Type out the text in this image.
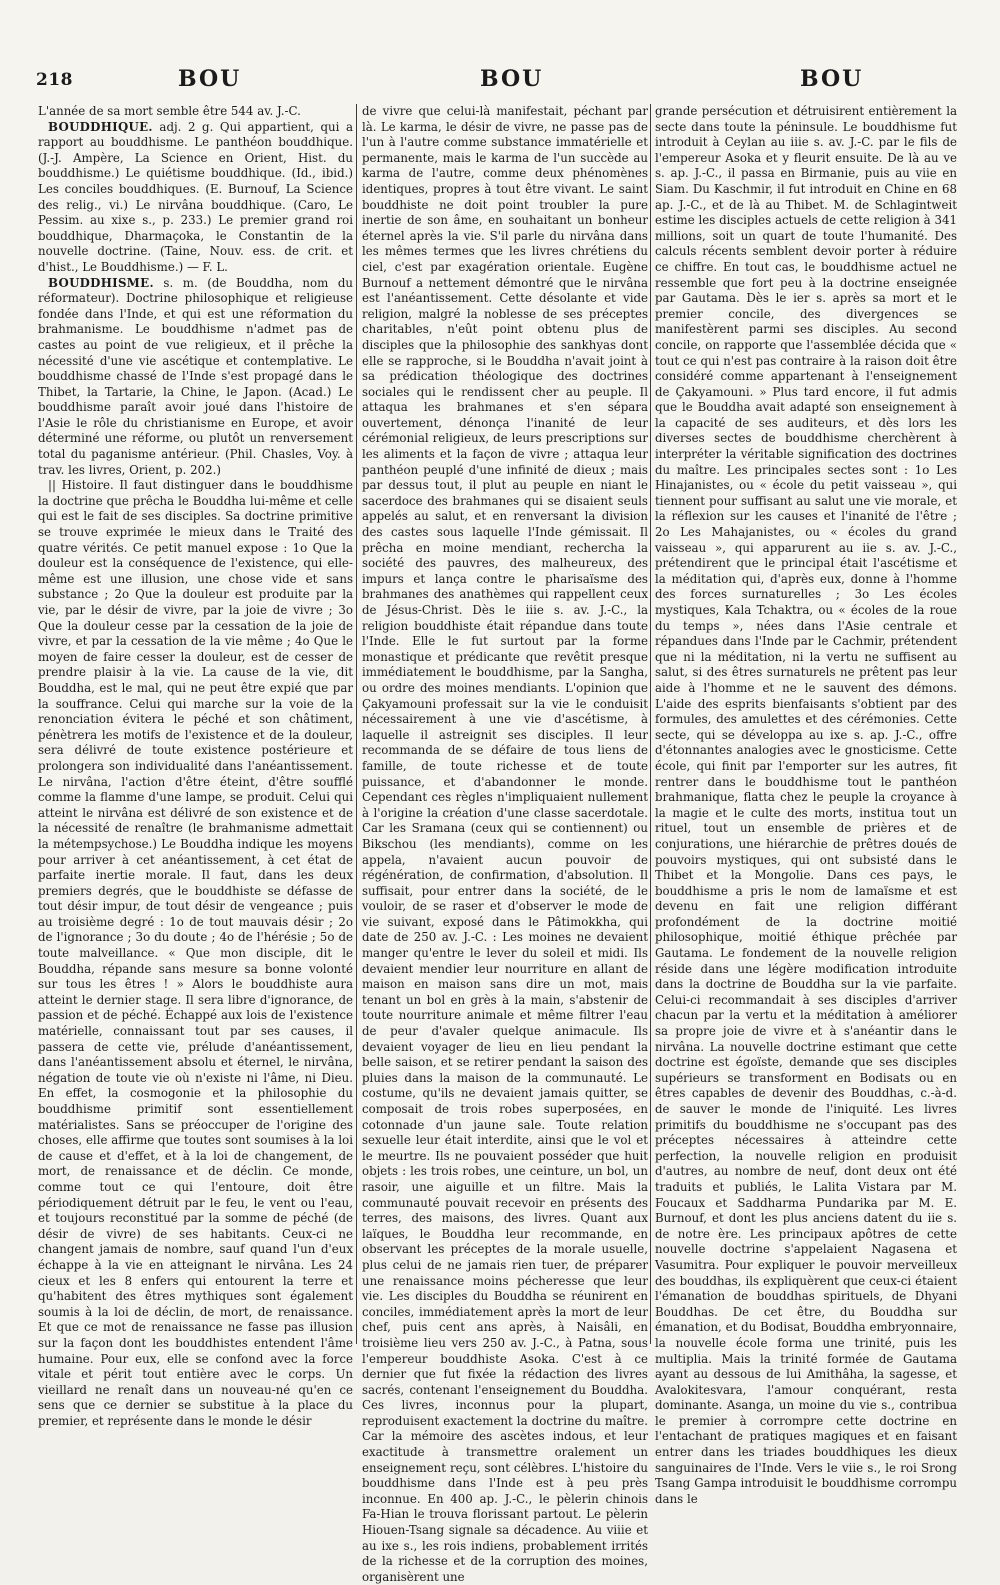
218	BOU	BOU	BOU

L'année de sa mort semble être 544 av. J.-C.

BOUDDHIQUE. adj. 2 g. Qui appartient, qui a rapport au bouddhisme. Le panthéon bouddhique. (J.-J. Ampère, La Science en Orient, Hist. du bouddhisme.) Le quiétisme bouddhique. (Id., ibid.) Les conciles bouddhiques. (E. Burnouf, La Science des relig., vi.) Le nirvâna bouddhique. (Caro, Le Pessim. au xixe s., p. 233.) Le premier grand roi bouddhique, Dharmaçoka, le Constantin de la nouvelle doctrine. (Taine, Nouv. ess. de crit. et d'hist., Le Bouddhisme.) — F. L.

BOUDDHISME. s. m. (de Bouddha, nom du réformateur). Doctrine philosophique et religieuse fondée dans l'Inde, et qui est une réformation du brahmanisme. Le bouddhisme n'admet pas de castes au point de vue religieux, et il prêche la nécessité d'une vie ascétique et contemplative. Le bouddhisme chassé de l'Inde s'est propagé dans le Thibet, la Tartarie, la Chine, le Japon. (Acad.) Le bouddhisme paraît avoir joué dans l'histoire de l'Asie le rôle du christianisme en Europe, et avoir déterminé une réforme, ou plutôt un renversement total du paganisme antérieur. (Phil. Chasles, Voy. à trav. les livres, Orient, p. 202.)

|| Histoire. Il faut distinguer dans le bouddhisme la doctrine que prêcha le Bouddha lui-même et celle qui est le fait de ses disciples. Sa doctrine primitive se trouve exprimée le mieux dans le Traité des quatre vérités. Ce petit manuel expose : 1o Que la douleur est la conséquence de l'existence, qui elle-même est une illusion, une chose vide et sans substance ; 2o Que la douleur est produite par la vie, par le désir de vivre, par la joie de vivre ; 3o Que la douleur cesse par la cessation de la joie de vivre, et par la cessation de la vie même ; 4o Que le moyen de faire cesser la douleur, est de cesser de prendre plaisir à la vie. La cause de la vie, dit Bouddha, est le mal, qui ne peut être expié que par la souffrance. Celui qui marche sur la voie de la renonciation évitera le péché et son châtiment, pénètrera les motifs de l'existence et de la douleur, sera délivré de toute existence postérieure et prolongera son individualité dans l'anéantissement. Le nirvâna, l'action d'être éteint, d'être soufflé comme la flamme d'une lampe, se produit. Celui qui atteint le nirvâna est délivré de son existence et de la nécessité de renaître (le brahmanisme admettait la métempsychose.) Le Bouddha indique les moyens pour arriver à cet anéantissement, à cet état de parfaite inertie morale. Il faut, dans les deux premiers degrés, que le bouddhiste se défasse de tout désir impur, de tout désir de vengeance ; puis au troisième degré : 1o de tout mauvais désir ; 2o de l'ignorance ; 3o du doute ; 4o de l'hérésie ; 5o de toute malveillance. « Que mon disciple, dit le Bouddha, répande sans mesure sa bonne volonté sur tous les êtres ! » Alors le bouddhiste aura atteint le dernier stage. Il sera libre d'ignorance, de passion et de péché. Échappé aux lois de l'existence matérielle, connaissant tout par ses causes, il passera de cette vie, prélude d'anéantissement, dans l'anéantissement absolu et éternel, le nirvâna, négation de toute vie où n'existe ni l'âme, ni Dieu. En effet, la cosmogonie et la philosophie du bouddhisme primitif sont essentiellement matérialistes. Sans se préoccuper de l'origine des choses, elle affirme que toutes sont soumises à la loi de cause et d'effet, et à la loi de changement, de mort, de renaissance et de déclin. Ce monde, comme tout ce qui l'entoure, doit être périodiquement détruit par le feu, le vent ou l'eau, et toujours reconstitué par la somme de péché (de désir de vivre) de ses habitants. Ceux-ci ne changent jamais de nombre, sauf quand l'un d'eux échappe à la vie en atteignant le nirvâna. Les 24 cieux et les 8 enfers qui entourent la terre et qu'habitent des êtres mythiques sont également soumis à la loi de déclin, de mort, de renaissance. Et que ce mot de renaissance ne fasse pas illusion sur la façon dont les bouddhistes entendent l'âme humaine. Pour eux, elle se confond avec la force vitale et périt tout entière avec le corps. Un vieillard ne renaît dans un nouveau-né qu'en ce sens que ce dernier se substitue à la place du premier, et représente dans le monde le désir

de vivre que celui-là manifestait, péchant par là. Le karma, le désir de vivre, ne passe pas de l'un à l'autre comme substance immatérielle et permanente, mais le karma de l'un succède au karma de l'autre, comme deux phénomènes identiques, propres à tout être vivant. Le saint bouddhiste ne doit point troubler la pure inertie de son âme, en souhaitant un bonheur éternel après la vie. S'il parle du nirvâna dans les mêmes termes que les livres chrétiens du ciel, c'est par exagération orientale. Eugène Burnouf a nettement démontré que le nirvâna est l'anéantissement. Cette désolante et vide religion, malgré la noblesse de ses préceptes charitables, n'eût point obtenu plus de disciples que la philosophie des sankhyas dont elle se rapproche, si le Bouddha n'avait joint à sa prédication théologique des doctrines sociales qui le rendissent cher au peuple. Il attaqua les brahmanes et s'en sépara ouvertement, dénonça l'inanité de leur cérémonial religieux, de leurs prescriptions sur les aliments et la façon de vivre ; attaqua leur panthéon peuplé d'une infinité de dieux ; mais par dessus tout, il plut au peuple en niant le sacerdoce des brahmanes qui se disaient seuls appelés au salut, et en renversant la division des castes sous laquelle l'Inde gémissait. Il prêcha en moine mendiant, rechercha la société des pauvres, des malheureux, des impurs et lança contre le pharisaïsme des brahmanes des anathèmes qui rappellent ceux de Jésus-Christ. Dès le iiie s. av. J.-C., la religion bouddhiste était répandue dans toute l'Inde. Elle le fut surtout par la forme monastique et prédicante que revêtit presque immédiatement le bouddhisme, par la Sangha, ou ordre des moines mendiants. L'opinion que Çakyamouni professait sur la vie le conduisit nécessairement à une vie d'ascétisme, à laquelle il astreignit ses disciples. Il leur recommanda de se défaire de tous liens de famille, de toute richesse et de toute puissance, et d'abandonner le monde. Cependant ces règles n'impliquaient nullement à l'origine la création d'une classe sacerdotale. Car les Sramana (ceux qui se contiennent) ou Bikschou (les mendiants), comme on les appela, n'avaient aucun pouvoir de régénération, de confirmation, d'absolution. Il suffisait, pour entrer dans la société, de le vouloir, de se raser et d'observer le mode de vie suivant, exposé dans le Pâtimokkha, qui date de 250 av. J.-C. : Les moines ne devaient manger qu'entre le lever du soleil et midi. Ils devaient mendier leur nourriture en allant de maison en maison sans dire un mot, mais tenant un bol en grès à la main, s'abstenir de toute nourriture animale et même filtrer l'eau de peur d'avaler quelque animacule. Ils devaient voyager de lieu en lieu pendant la belle saison, et se retirer pendant la saison des pluies dans la maison de la communauté. Le costume, qu'ils ne devaient jamais quitter, se composait de trois robes superposées, en cotonnade d'un jaune sale. Toute relation sexuelle leur était interdite, ainsi que le vol et le meurtre. Ils ne pouvaient posséder que huit objets : les trois robes, une ceinture, un bol, un rasoir, une aiguille et un filtre. Mais la communauté pouvait recevoir en présents des terres, des maisons, des livres. Quant aux laïques, le Bouddha leur recommande, en observant les préceptes de la morale usuelle, plus celui de ne jamais rien tuer, de préparer une renaissance moins pécheresse que leur vie. Les disciples du Bouddha se réunirent en conciles, immédiatement après la mort de leur chef, puis cent ans après, à Naisâli, en troisième lieu vers 250 av. J.-C., à Patna, sous l'empereur bouddhiste Asoka. C'est à ce dernier que fut fixée la rédaction des livres sacrés, contenant l'enseignement du Bouddha. Ces livres, inconnus pour la plupart, reproduisent exactement la doctrine du maître. Car la mémoire des ascètes indous, et leur exactitude à transmettre oralement un enseignement reçu, sont célèbres. L'histoire du bouddhisme dans l'Inde est à peu près inconnue. En 400 ap. J.-C., le pèlerin chinois Fa-Hian le trouva florissant partout. Le pèlerin Hiouen-Tsang signale sa décadence. Au viiie et au ixe s., les rois indiens, probablement irrités de la richesse et de la corruption des moines, organisèrent une

grande persécution et détruisirent entièrement la secte dans toute la péninsule. Le bouddhisme fut introduit à Ceylan au iiie s. av. J.-C. par le fils de l'empereur Asoka et y fleurit ensuite. De là au ve s. ap. J.-C., il passa en Birmanie, puis au viie en Siam. Du Kaschmir, il fut introduit en Chine en 68 ap. J.-C., et de là au Thibet. M. de Schlagintweit estime les disciples actuels de cette religion à 341 millions, soit un quart de toute l'humanité. Des calculs récents semblent devoir porter à réduire ce chiffre. En tout cas, le bouddhisme actuel ne ressemble que fort peu à la doctrine enseignée par Gautama. Dès le ier s. après sa mort et le premier concile, des divergences se manifestèrent parmi ses disciples. Au second concile, on rapporte que l'assemblée décida que « tout ce qui n'est pas contraire à la raison doit être considéré comme appartenant à l'enseignement de Çakyamouni. » Plus tard encore, il fut admis que le Bouddha avait adapté son enseignement à la capacité de ses auditeurs, et dès lors les diverses sectes de bouddhisme cherchèrent à interpréter la véritable signification des doctrines du maître. Les principales sectes sont : 1o Les Hinajanistes, ou « école du petit vaisseau », qui tiennent pour suffisant au salut une vie morale, et la réflexion sur les causes et l'inanité de l'être ; 2o Les Mahajanistes, ou « écoles du grand vaisseau », qui apparurent au iie s. av. J.-C., prétendirent que le principal était l'ascétisme et la méditation qui, d'après eux, donne à l'homme des forces surnaturelles ; 3o Les écoles mystiques, Kala Tchaktra, ou « écoles de la roue du temps », nées dans l'Asie centrale et répandues dans l'Inde par le Cachmir, prétendent que ni la méditation, ni la vertu ne suffisent au salut, si des êtres surnaturels ne prêtent pas leur aide à l'homme et ne le sauvent des démons. L'aide des esprits bienfaisants s'obtient par des formules, des amulettes et des cérémonies. Cette secte, qui se développa au ixe s. ap. J.-C., offre d'étonnantes analogies avec le gnosticisme. Cette école, qui finit par l'emporter sur les autres, fit rentrer dans le bouddhisme tout le panthéon brahmanique, flatta chez le peuple la croyance à la magie et le culte des morts, institua tout un rituel, tout un ensemble de prières et de conjurations, une hiérarchie de prêtres doués de pouvoirs mystiques, qui ont subsisté dans le Thibet et la Mongolie. Dans ces pays, le bouddhisme a pris le nom de lamaïsme et est devenu en fait une religion différant profondément de la doctrine moitié philosophique, moitié éthique prêchée par Gautama. Le fondement de la nouvelle religion réside dans une légère modification introduite dans la doctrine de Bouddha sur la vie parfaite. Celui-ci recommandait à ses disciples d'arriver chacun par la vertu et la méditation à améliorer sa propre joie de vivre et à s'anéantir dans le nirvâna. La nouvelle doctrine estimant que cette doctrine est égoïste, demande que ses disciples supérieurs se transforment en Bodisats ou en êtres capables de devenir des Bouddhas, c.-à-d. de sauver le monde de l'iniquité. Les livres primitifs du bouddhisme ne s'occupant pas des préceptes nécessaires à atteindre cette perfection, la nouvelle religion en produisit d'autres, au nombre de neuf, dont deux ont été traduits et publiés, le Lalita Vistara par M. Foucaux et Saddharma Pundarika par M. E. Burnouf, et dont les plus anciens datent du iie s. de notre ère. Les principaux apôtres de cette nouvelle doctrine s'appelaient Nagasena et Vasumitra. Pour expliquer le pouvoir merveilleux des bouddhas, ils expliquèrent que ceux-ci étaient l'émanation de bouddhas spirituels, de Dhyani Bouddhas. De cet être, du Bouddha sur émanation, et du Bodisat, Bouddha embryonnaire, la nouvelle école forma une trinité, puis les multiplia. Mais la trinité formée de Gautama ayant au dessous de lui Amithâha, la sagesse, et Avalokitesvara, l'amour conquérant, resta dominante. Asanga, un moine du vie s., contribua le premier à corrompre cette doctrine en l'entachant de pratiques magiques et en faisant entrer dans les triades bouddhiques les dieux sanguinaires de l'Inde. Vers le viie s., le roi Srong Tsang Gampa introduisit le bouddhisme corrompu dans le
